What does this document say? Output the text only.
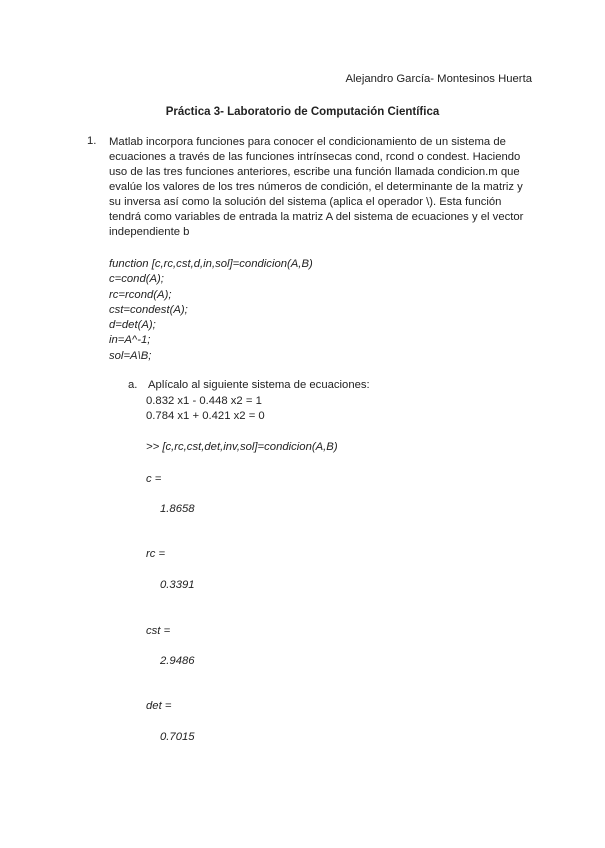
Alejandro García- Montesinos Huerta
Práctica 3- Laboratorio de Computación Científica
1. Matlab incorpora funciones para conocer el condicionamiento de un sistema de
ecuaciones a través de las funciones intrínsecas cond, rcond o condest. Haciendo
uso de las tres funciones anteriores, escribe una función llamada condicion.m que
evalúe los valores de los tres números de condición, el determinante de la matriz y
su inversa así como la solución del sistema (aplica el operador \). Esta función
tendrá como variables de entrada la matriz A del sistema de ecuaciones y el vector
independiente b
function [c,rc,cst,d,in,sol]=condicion(A,B)
c=cond(A);
rc=rcond(A);
cst=condest(A);
d=det(A);
in=A^-1;
sol=A\B;
a. Aplícalo al siguiente sistema de ecuaciones:
0.832 x1 - 0.448 x2 = 1
0.784 x1 + 0.421 x2 = 0
>> [c,rc,cst,det,inv,sol]=condicion(A,B)
c =
1.8658
rc =
0.3391
cst =
2.9486
det =
0.7015
